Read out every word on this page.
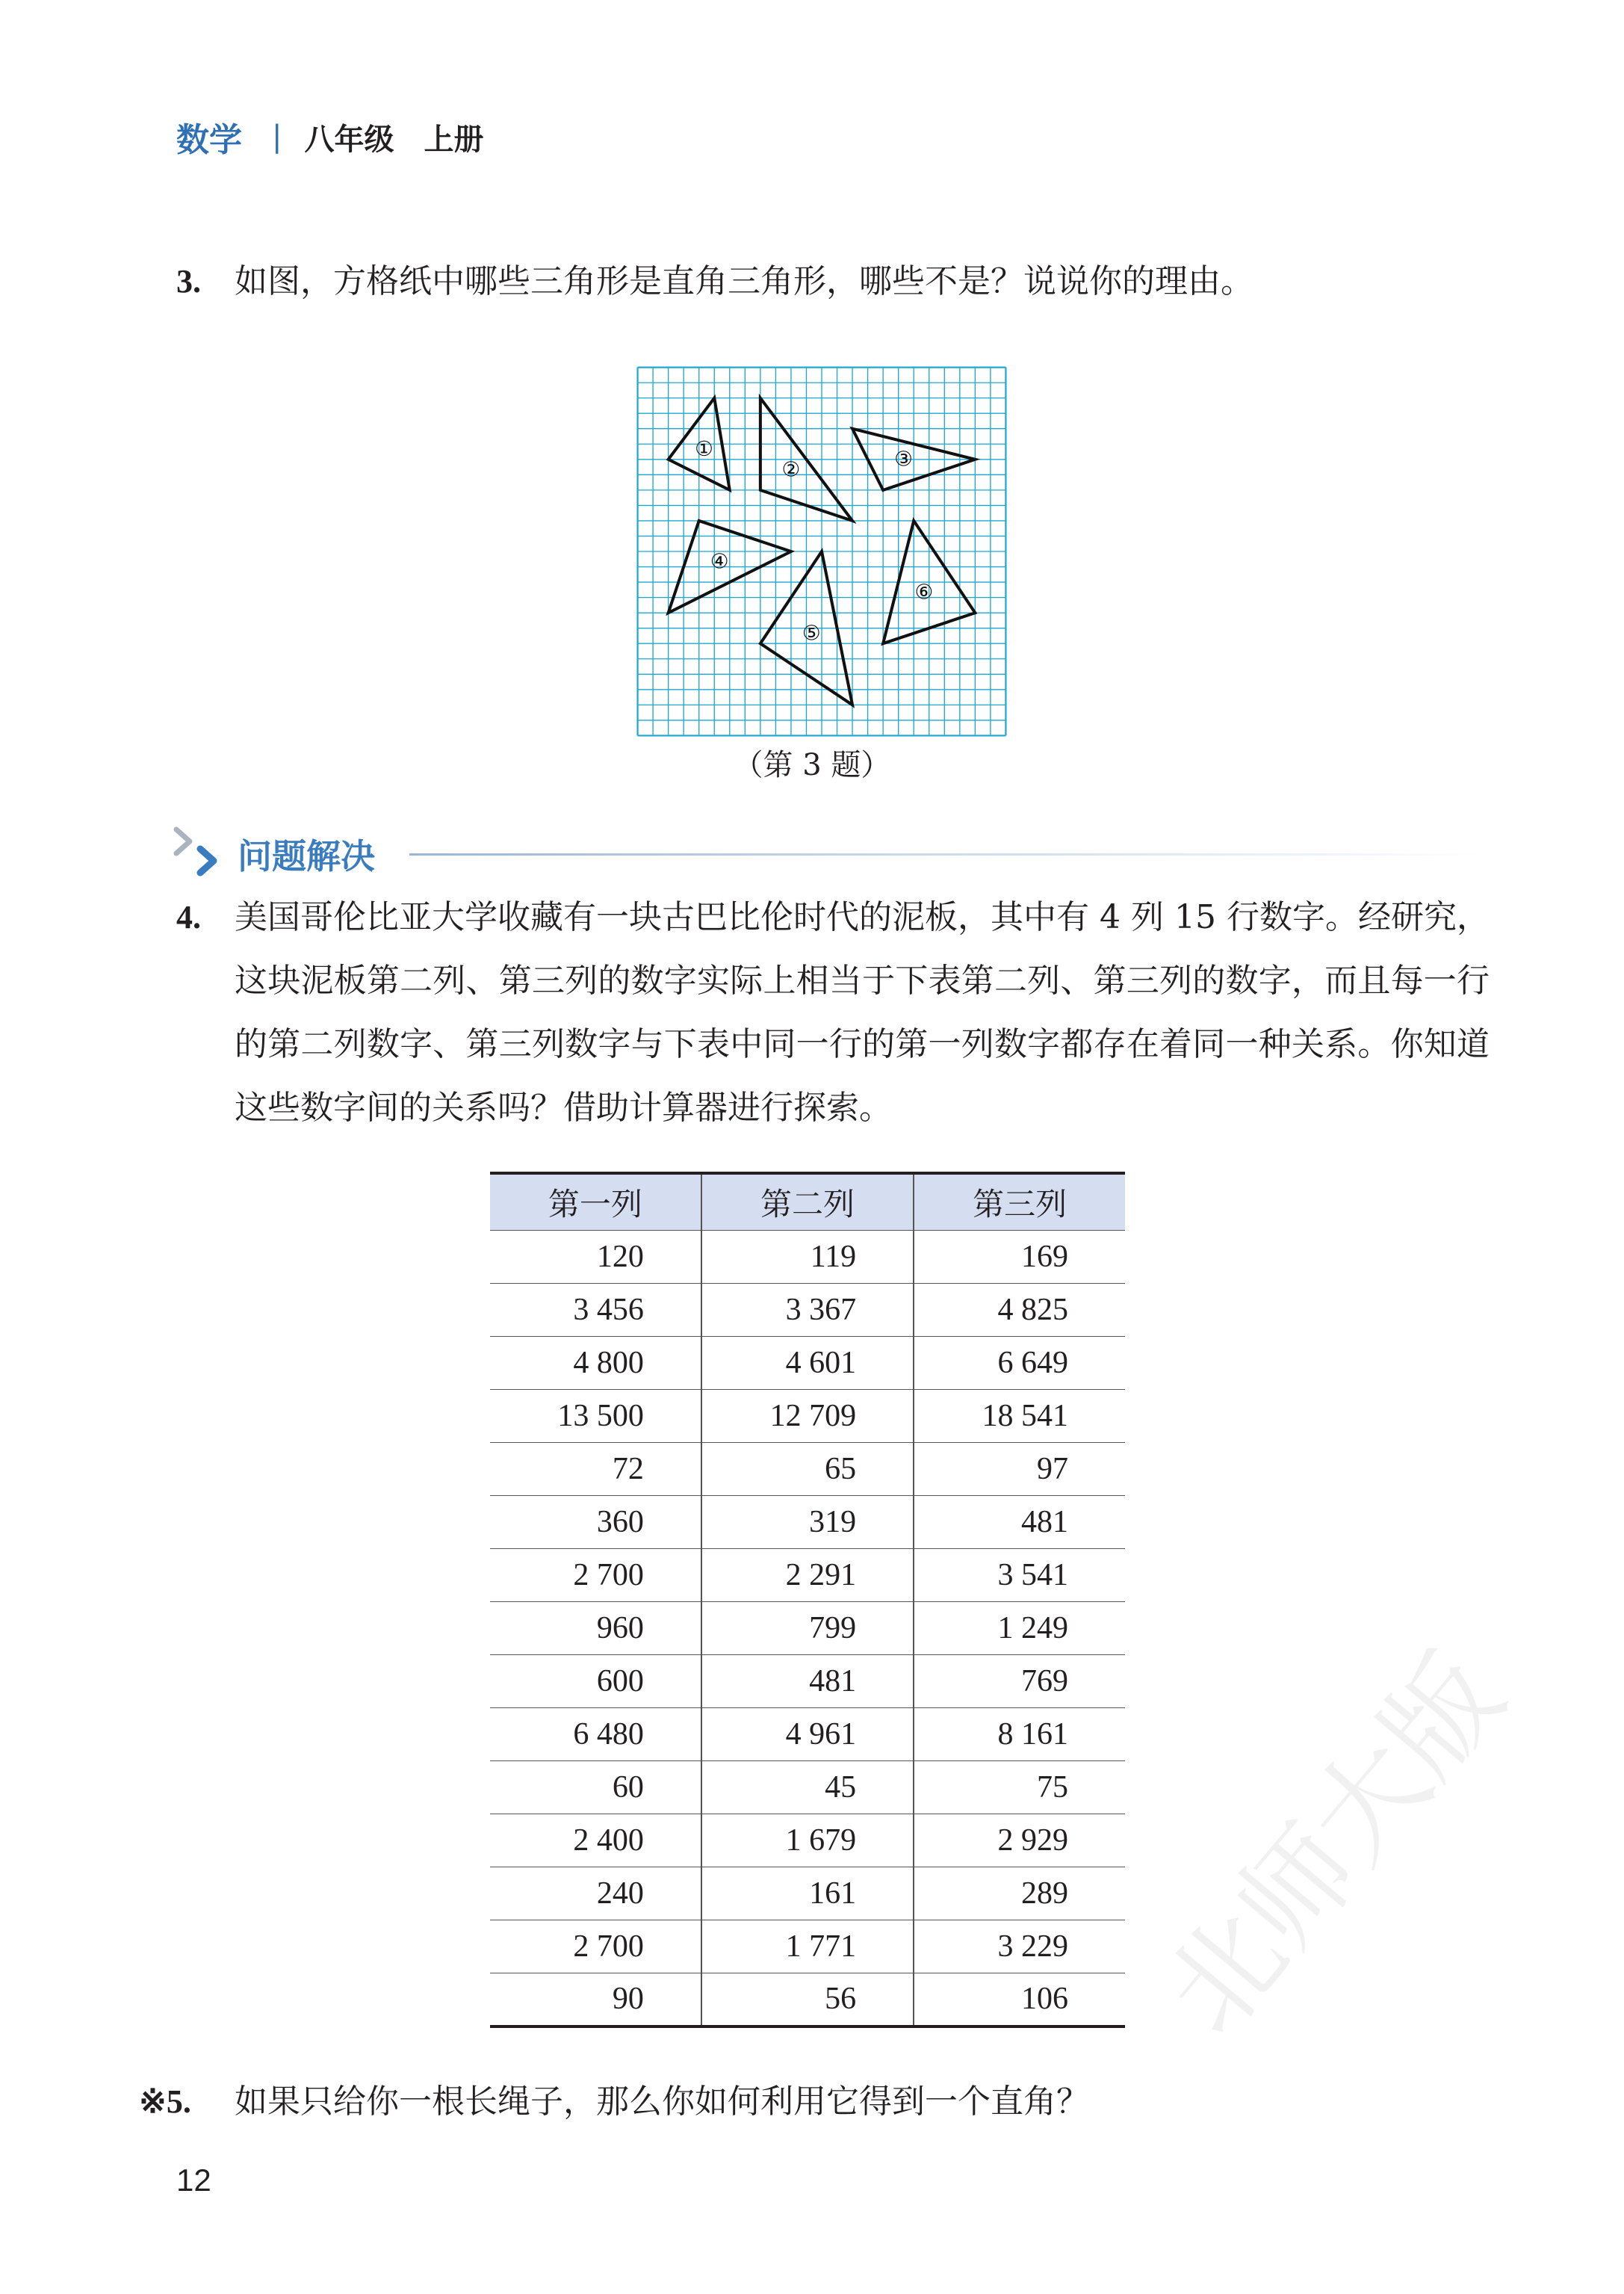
数学 | 八年级　上册
3. 如图，方格纸中哪些三角形是直角三角形，哪些不是？说说你的理由。
①
② ③
④
⑤
⑥
（第 3 题）
问题解决
4.	美国哥伦比亚大学收藏有一块古巴比伦时代的泥板，其中有 4 列 15 行数字。经研究，这块泥板第二列、第三列的数字实际上相当于下表第二列、第三列的数字，而且每一行的第二列数字、第三列数字与下表中同一行的第一列数字都存在着同一种关系。你知道这些数字间的关系吗？借助计算器进行探索。
第一列	第二列	第三列
120	119	169
3 456	3 367	4 825
4 800	4 601	6 649
13 500	12 709	18 541
72	65	97
360	319	481
2 700	2 291	3 541
960	799	1 249
600	481	769
6 480	4 961	8 161
60	45	75
2 400	1 679	2 929
240	161	289
2 700	1 771	3 229
90	56	106
※5. 如果只给你一根长绳子，那么你如何利用它得到一个直角？
12
北师大版
